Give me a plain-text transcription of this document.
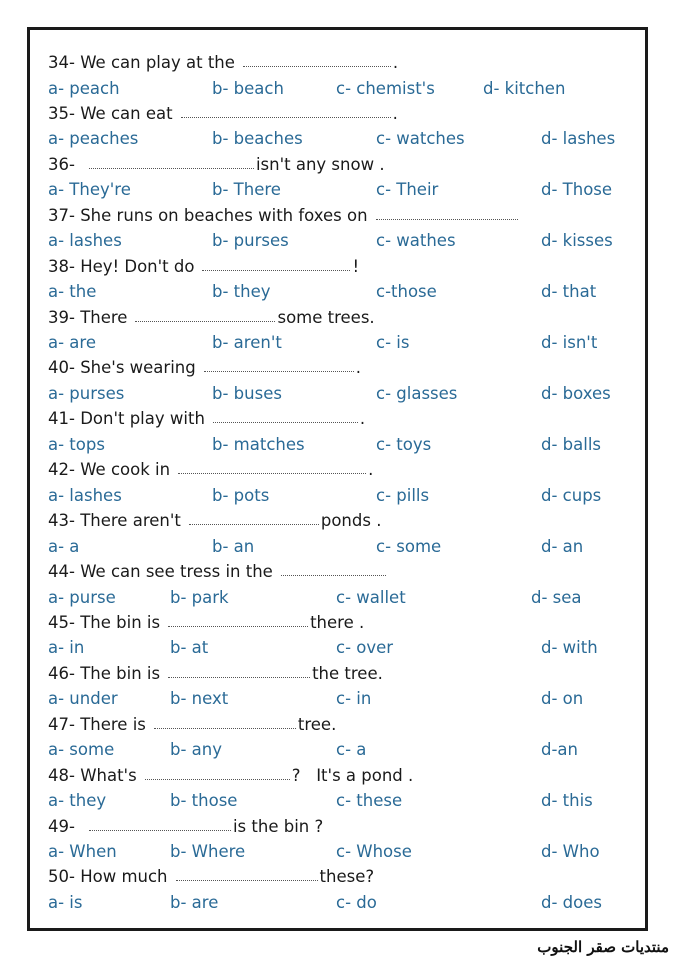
34 - We can play at the	.
a- peach	b- beach	c- chemist's	d- kitchen
35 - We can eat	.
a- peaches	b- beaches	c- watches	d- lashes
36 -	isn't any snow .
a- They're	b- There	c- Their	d- Those
37 - She runs on beaches with foxes on
a- lashes	b- purses	c- wathes	d- kisses
38 - Hey! Don't do	!
a- the	b- they	c-those	d- that
39 - There	some trees.
a- are	b- aren't	c- is	d- isn't
40 - She's wearing	.
a- purses	b- buses	c- glasses	d- boxes
41 - Don't play with	.
a- tops	b- matches	c- toys	d- balls
42 - We cook in	.
a- lashes	b- pots	c- pills	d- cups
43 - There aren't	ponds .
a- a	b- an	c- some	d- an
44 - We can see tress in the
a- purse	b- park	c- wallet	d- sea
45 - The bin is	there .
a- in	b- at	c- over	d- with
46 - The bin is	the tree.
a- under	b- next	c- in	d- on
47 - There is	tree.
a- some	b- any	c- a	d-an
48 - What's	?   It's a pond .
a- they	b- those	c- these	d- this
49 -	is the bin ?
a- When	b- Where	c- Whose	d- Who
50 - How much	these?
a- is	b- are	c- do	d- does
منتديات صقر الجنوب
